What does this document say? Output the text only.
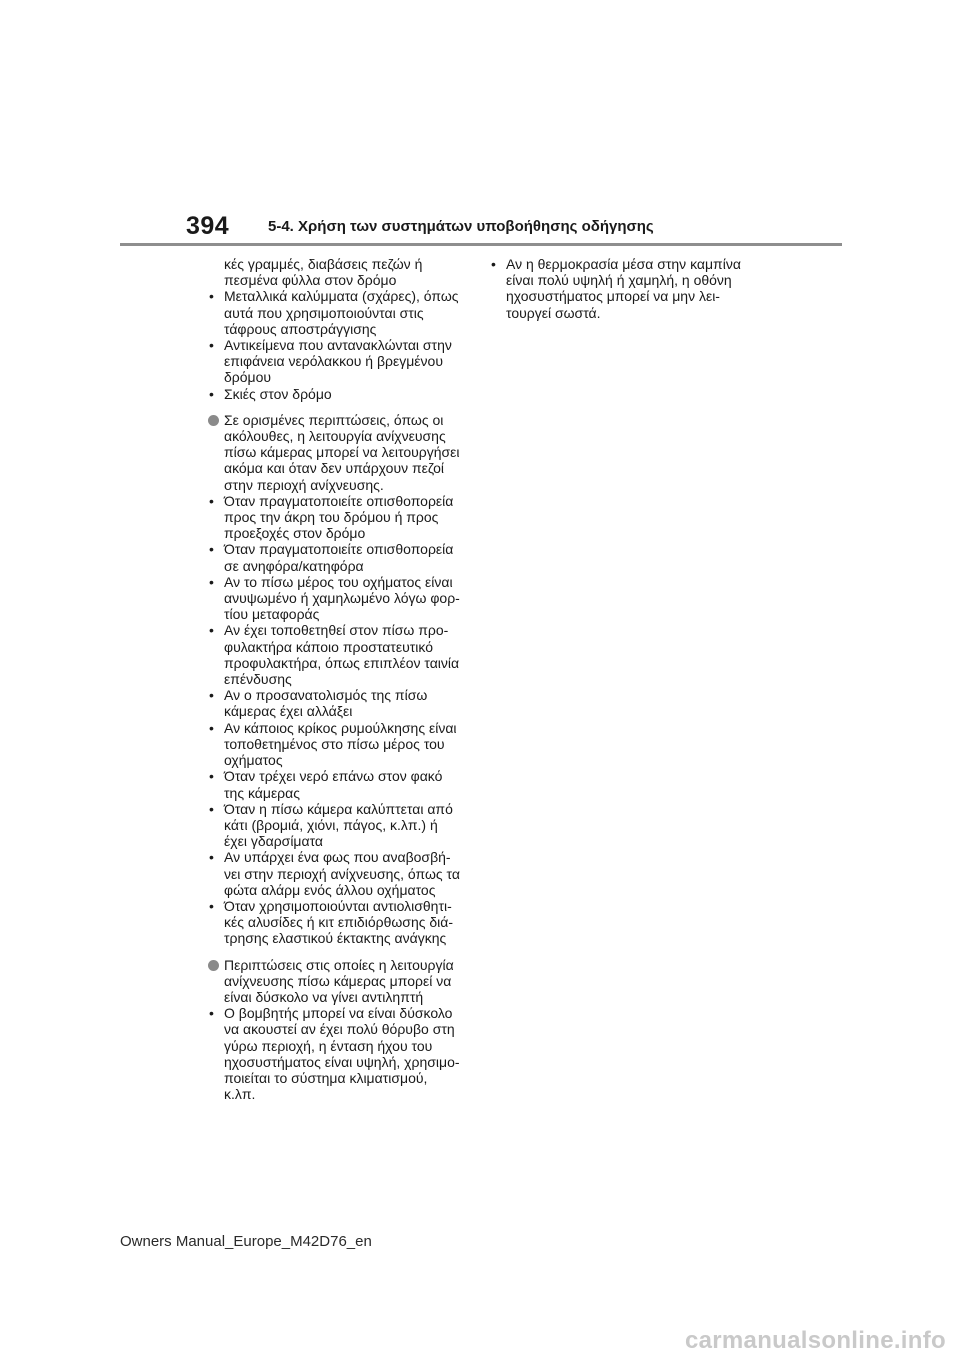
394	5-4. Χρήση των συστημάτων υποβοήθησης οδήγησης
κές γραμμές, διαβάσεις πεζών ή
πεσμένα φύλλα στον δρόμο
• Μεταλλικά καλύμματα (σχάρες), όπως
αυτά που χρησιμοποιούνται στις
τάφρους αποστράγγισης
• Αντικείμενα που αντανακλώνται στην
επιφάνεια νερόλακκου ή βρεγμένου
δρόμου
• Σκιές στον δρόμο
Σε ορισμένες περιπτώσεις, όπως οι
ακόλουθες, η λειτουργία ανίχνευσης
πίσω κάμερας μπορεί να λειτουργήσει
ακόμα και όταν δεν υπάρχουν πεζοί
στην περιοχή ανίχνευσης.
• Όταν πραγματοποιείτε οπισθοπορεία
προς την άκρη του δρόμου ή προς
προεξοχές στον δρόμο
• Όταν πραγματοποιείτε οπισθοπορεία
σε ανηφόρα/κατηφόρα
• Αν το πίσω μέρος του οχήματος είναι
ανυψωμένο ή χαμηλωμένο λόγω φορ-
τίου μεταφοράς
• Αν έχει τοποθετηθεί στον πίσω προ-
φυλακτήρα κάποιο προστατευτικό
προφυλακτήρα, όπως επιπλέον ταινία
επένδυσης
• Αν ο προσανατολισμός της πίσω
κάμερας έχει αλλάξει
• Αν κάποιος κρίκος ρυμούλκησης είναι
τοποθετημένος στο πίσω μέρος του
οχήματος
• Όταν τρέχει νερό επάνω στον φακό
της κάμερας
• Όταν η πίσω κάμερα καλύπτεται από
κάτι (βρομιά, χιόνι, πάγος, κ.λπ.) ή
έχει γδαρσίματα
• Αν υπάρχει ένα φως που αναβοσβή-
νει στην περιοχή ανίχνευσης, όπως τα
φώτα αλάρμ ενός άλλου οχήματος
• Όταν χρησιμοποιούνται αντιολισθητι-
κές αλυσίδες ή κιτ επιδιόρθωσης διά-
τρησης ελαστικού έκτακτης ανάγκης
Περιπτώσεις στις οποίες η λειτουργία
ανίχνευσης πίσω κάμερας μπορεί να
είναι δύσκολο να γίνει αντιληπτή
• Ο βομβητής μπορεί να είναι δύσκολο
να ακουστεί αν έχει πολύ θόρυβο στη
γύρω περιοχή, η ένταση ήχου του
ηχοσυστήματος είναι υψηλή, χρησιμο-
ποιείται το σύστημα κλιματισμού,
κ.λπ.
• Αν η θερμοκρασία μέσα στην καμπίνα
είναι πολύ υψηλή ή χαμηλή, η οθόνη
ηχοσυστήματος μπορεί να μην λει-
τουργεί σωστά.
Owners Manual_Europe_M42D76_en
carmanualsonline.info
